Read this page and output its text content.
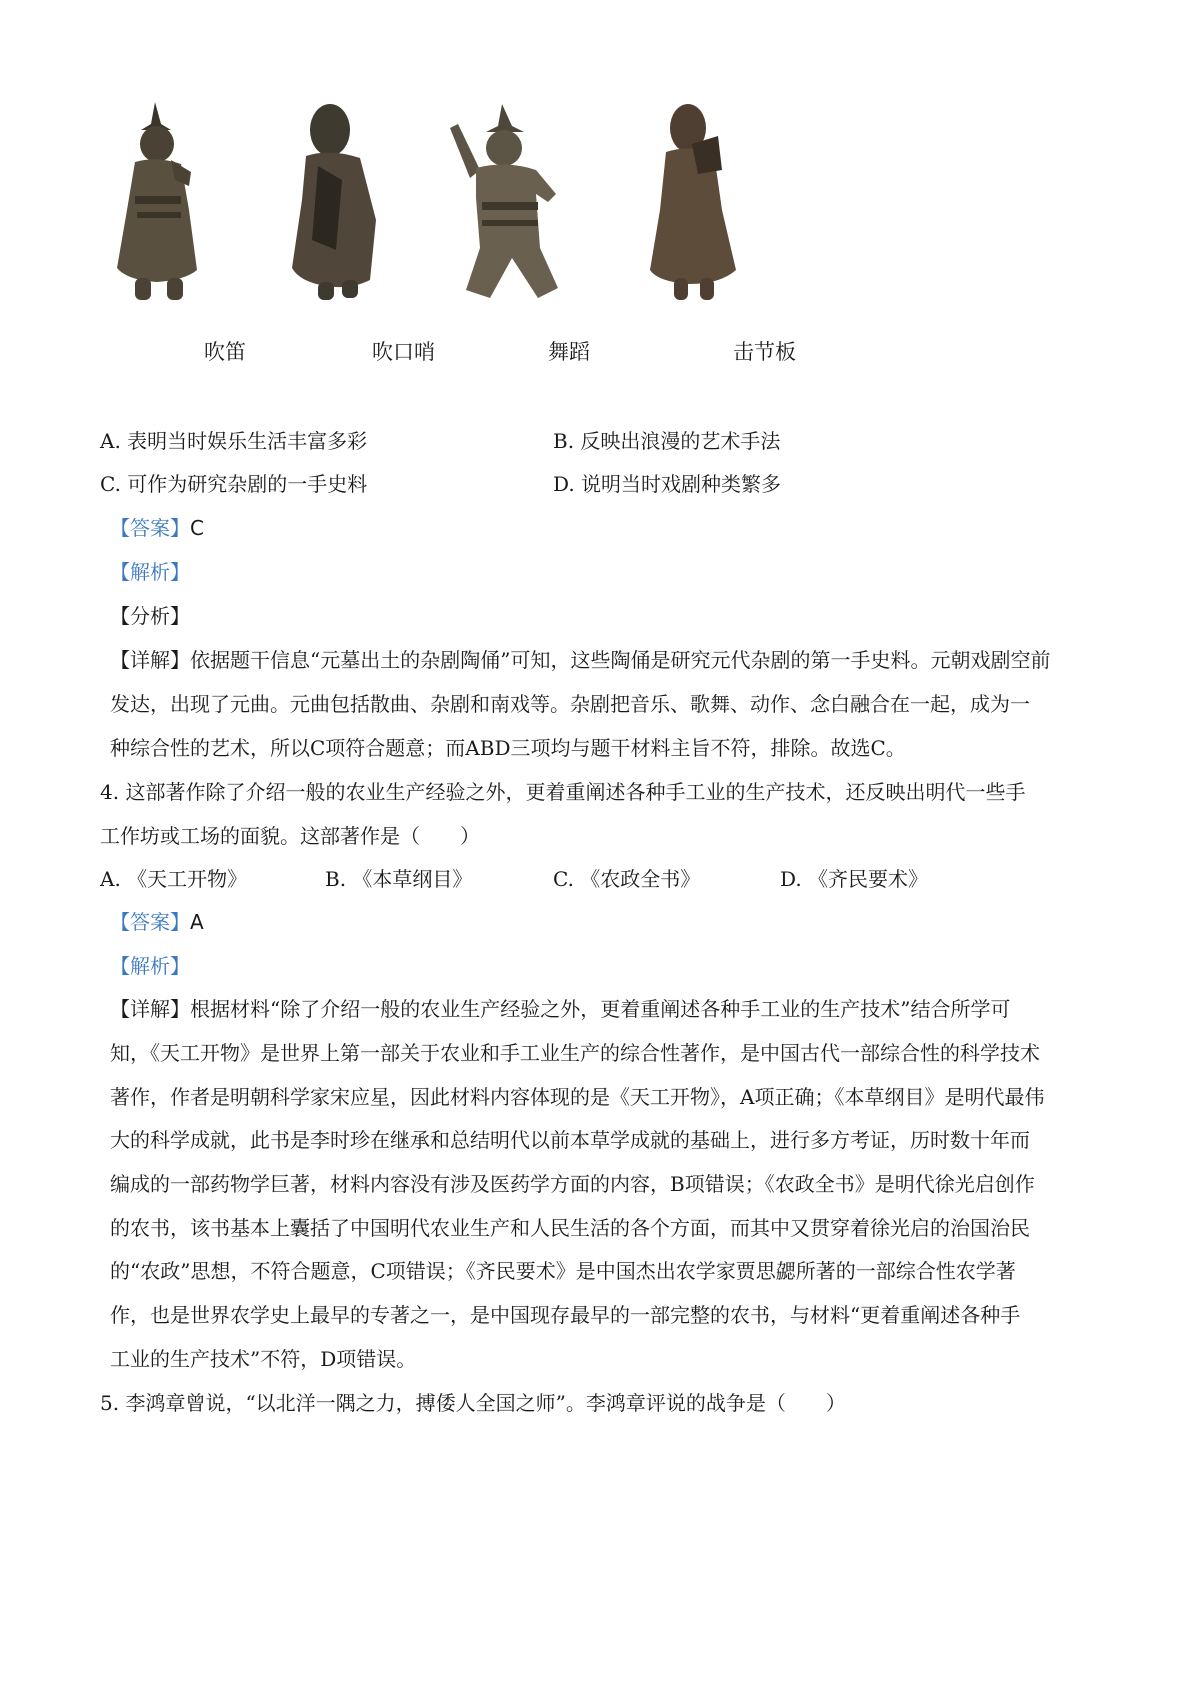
吹笛	吹口哨	舞蹈	击节板
A. 表明当时娱乐生活丰富多彩	B. 反映出浪漫的艺术手法
C. 可作为研究杂剧的一手史料	D. 说明当时戏剧种类繁多
【答案】C
【解析】
【分析】
【详解】依据题干信息“元墓出土的杂剧陶俑”可知，这些陶俑是研究元代杂剧的第一手史料。元朝戏剧空前
发达，出现了元曲。元曲包括散曲、杂剧和南戏等。杂剧把音乐、歌舞、动作、念白融合在一起，成为一
种综合性的艺术，所以C项符合题意；而ABD三项均与题干材料主旨不符，排除。故选C。
4. 这部著作除了介绍一般的农业生产经验之外，更着重阐述各种手工业的生产技术，还反映出明代一些手
工作坊或工场的面貌。这部著作是（　　）
A. 《天工开物》	B. 《本草纲目》	C. 《农政全书》	D. 《齐民要术》
【答案】A
【解析】
【详解】根据材料“除了介绍一般的农业生产经验之外，更着重阐述各种手工业的生产技术”结合所学可
知，《天工开物》是世界上第一部关于农业和手工业生产的综合性著作，是中国古代一部综合性的科学技术
著作，作者是明朝科学家宋应星，因此材料内容体现的是《天工开物》，A项正确；《本草纲目》是明代最伟
大的科学成就，此书是李时珍在继承和总结明代以前本草学成就的基础上，进行多方考证，历时数十年而
编成的一部药物学巨著，材料内容没有涉及医药学方面的内容，B项错误；《农政全书》是明代徐光启创作
的农书，该书基本上囊括了中国明代农业生产和人民生活的各个方面，而其中又贯穿着徐光启的治国治民
的“农政”思想，不符合题意，C项错误；《齐民要术》是中国杰出农学家贾思勰所著的一部综合性农学著
作，也是世界农学史上最早的专著之一，是中国现存最早的一部完整的农书，与材料“更着重阐述各种手
工业的生产技术”不符，D项错误。
5. 李鸿章曾说，“以北洋一隅之力，搏倭人全国之师”。李鸿章评说的战争是（　　）
